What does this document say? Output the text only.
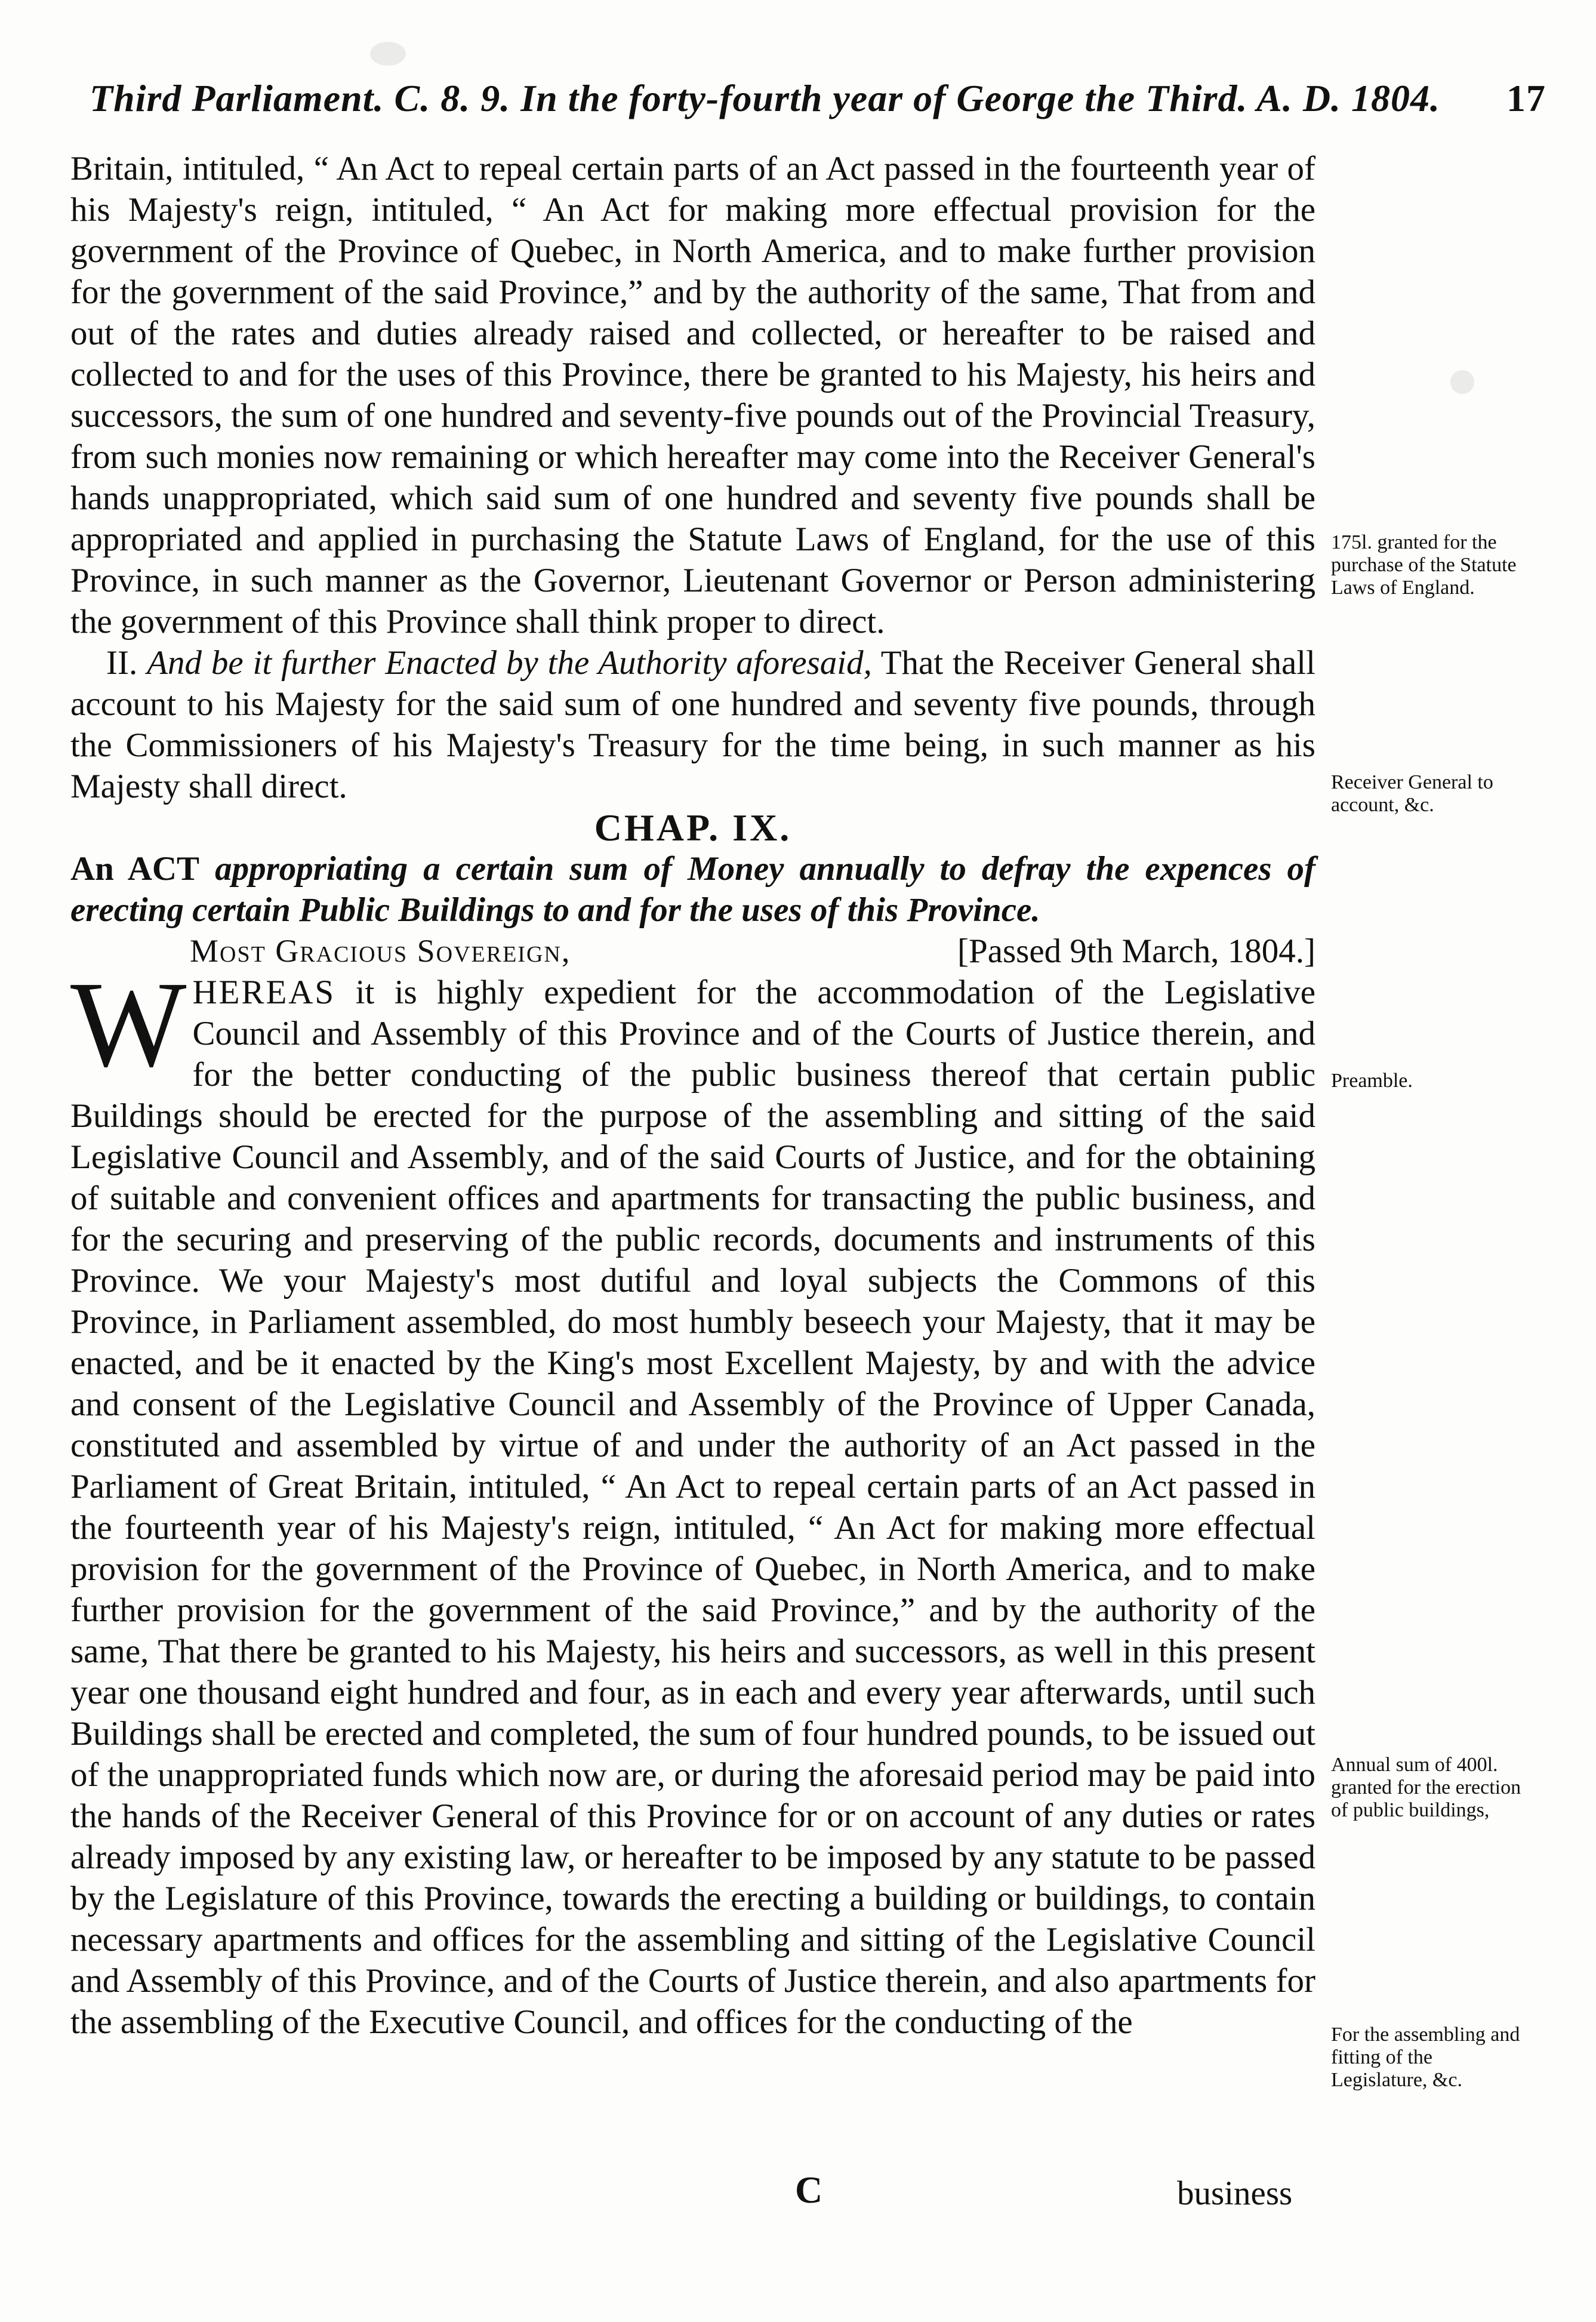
Third Parliament. C. 8. 9. In the forty-fourth year of George the Third. A. D. 1804. 17

Britain, intituled, “ An Act to repeal certain parts of an Act passed in the fourteenth year of his Majesty's reign, intituled, “ An Act for making more effectual provision for the government of the Province of Quebec, in North America, and to make further provision for the government of the said Province,” and by the authority of the same, That from and out of the rates and duties already raised and collected, or hereafter to be raised and collected to and for the uses of this Province, there be granted to his Majesty, his heirs and successors, the sum of one hundred and seventy-five pounds out of the Provincial Treasury, from such monies now remaining or which hereafter may come into the Receiver General's hands unappropriated, which said sum of one hundred and seventy five pounds shall be appropriated and applied in purchasing the Statute Laws of England, for the use of this Province, in such manner as the Governor, Lieutenant Governor or Person administering the government of this Province shall think proper to direct.

II. And be it further Enacted by the Authority aforesaid, That the Receiver General shall account to his Majesty for the said sum of one hundred and seventy five pounds, through the Commissioners of his Majesty's Treasury for the time being, in such manner as his Majesty shall direct.

CHAP. IX.

An ACT appropriating a certain sum of Money annually to defray the expences of erecting certain Public Buildings to and for the uses of this Province.

Most Gracious Sovereign,	[Passed 9th March, 1804.]

W HEREAS it is highly expedient for the accommodation of the Legislative Council and Assembly of this Province and of the Courts of Justice therein, and for the better conducting of the public business thereof that certain public Buildings should be erected for the purpose of the assembling and sitting of the said Legislative Council and Assembly, and of the said Courts of Justice, and for the obtaining of suitable and convenient offices and apartments for transacting the public business, and for the securing and preserving of the public records, documents and instruments of this Province. We your Majesty's most dutiful and loyal subjects the Commons of this Province, in Parliament assembled, do most humbly beseech your Majesty, that it may be enacted, and be it enacted by the King's most Excellent Majesty, by and with the advice and consent of the Legislative Council and Assembly of the Province of Upper Canada, constituted and assembled by virtue of and under the authority of an Act passed in the Parliament of Great Britain, intituled, “ An Act to repeal certain parts of an Act passed in the fourteenth year of his Majesty's reign, intituled, “ An Act for making more effectual provision for the government of the Province of Quebec, in North America, and to make further provision for the government of the said Province,” and by the authority of the same, That there be granted to his Majesty, his heirs and successors, as well in this present year one thousand eight hundred and four, as in each and every year afterwards, until such Buildings shall be erected and completed, the sum of four hundred pounds, to be issued out of the unappropriated funds which now are, or during the aforesaid period may be paid into the hands of the Receiver General of this Province for or on account of any duties or rates already imposed by any existing law, or hereafter to be imposed by any statute to be passed by the Legislature of this Province, towards the erecting a building or buildings, to contain necessary apartments and offices for the assembling and sitting of the Legislative Council and Assembly of this Province, and of the Courts of Justice therein, and also apartments for the assembling of the Executive Council, and offices for the conducting of the

175l. granted for the purchase of the Statute Laws of England.
Receiver General to account, &c.
Preamble.
Annual sum of 400l. granted for the erection of public buildings,
For the assembling and fitting of the Legislature, &c.
C	business
